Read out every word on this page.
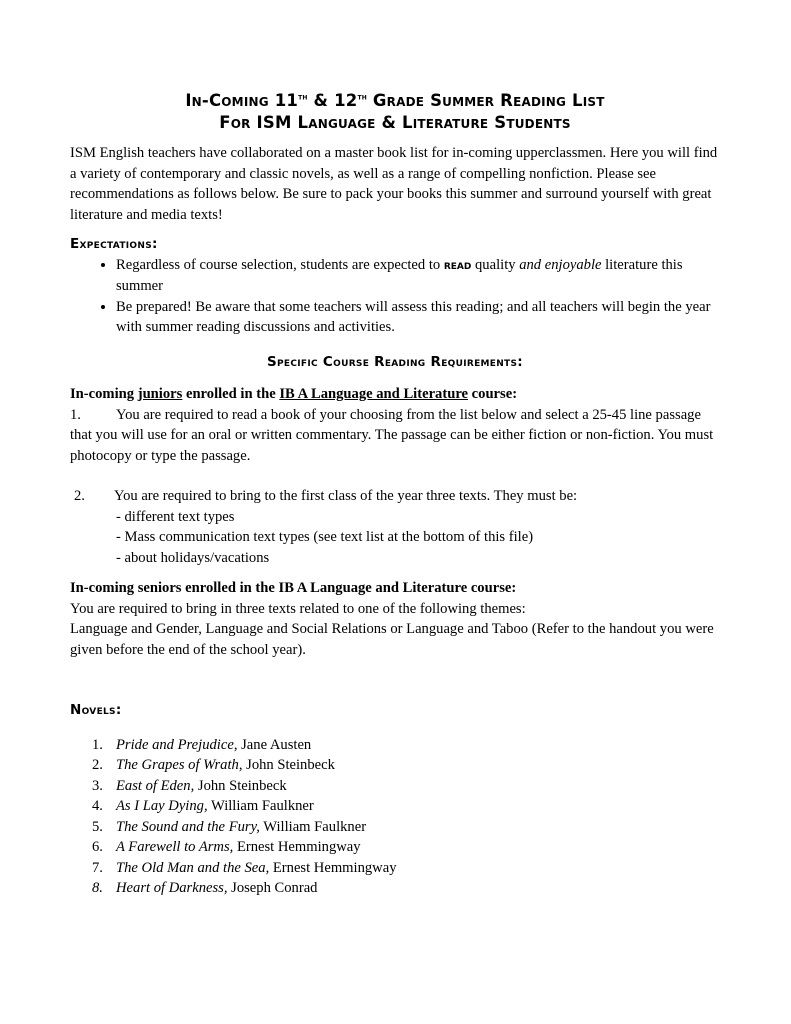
In-Coming 11th & 12th Grade Summer Reading List
For ISM Language & Literature Students
ISM English teachers have collaborated on a master book list for in-coming upperclassmen. Here you will find a variety of contemporary and classic novels, as well as a range of compelling nonfiction. Please see recommendations as follows below. Be sure to pack your books this summer and surround yourself with great literature and media texts!
Expectations:
• Regardless of course selection, students are expected to read quality and enjoyable literature this summer
• Be prepared! Be aware that some teachers will assess this reading; and all teachers will begin the year with summer reading discussions and activities.
Specific Course Reading Requirements:
In-coming juniors enrolled in the IB A Language and Literature course:
1. You are required to read a book of your choosing from the list below and select a 25-45 line passage that you will use for an oral or written commentary. The passage can be either fiction or non-fiction. You must photocopy or type the passage.
2. You are required to bring to the first class of the year three texts. They must be:
- different text types
- Mass communication text types (see text list at the bottom of this file)
- about holidays/vacations
In-coming seniors enrolled in the IB A Language and Literature course:
You are required to bring in three texts related to one of the following themes:
Language and Gender, Language and Social Relations or Language and Taboo (Refer to the handout you were given before the end of the school year).
Novels:
1. Pride and Prejudice, Jane Austen
2. The Grapes of Wrath, John Steinbeck
3. East of Eden, John Steinbeck
4. As I Lay Dying, William Faulkner
5. The Sound and the Fury, William Faulkner
6. A Farewell to Arms, Ernest Hemmingway
7. The Old Man and the Sea, Ernest Hemmingway
8. Heart of Darkness, Joseph Conrad
